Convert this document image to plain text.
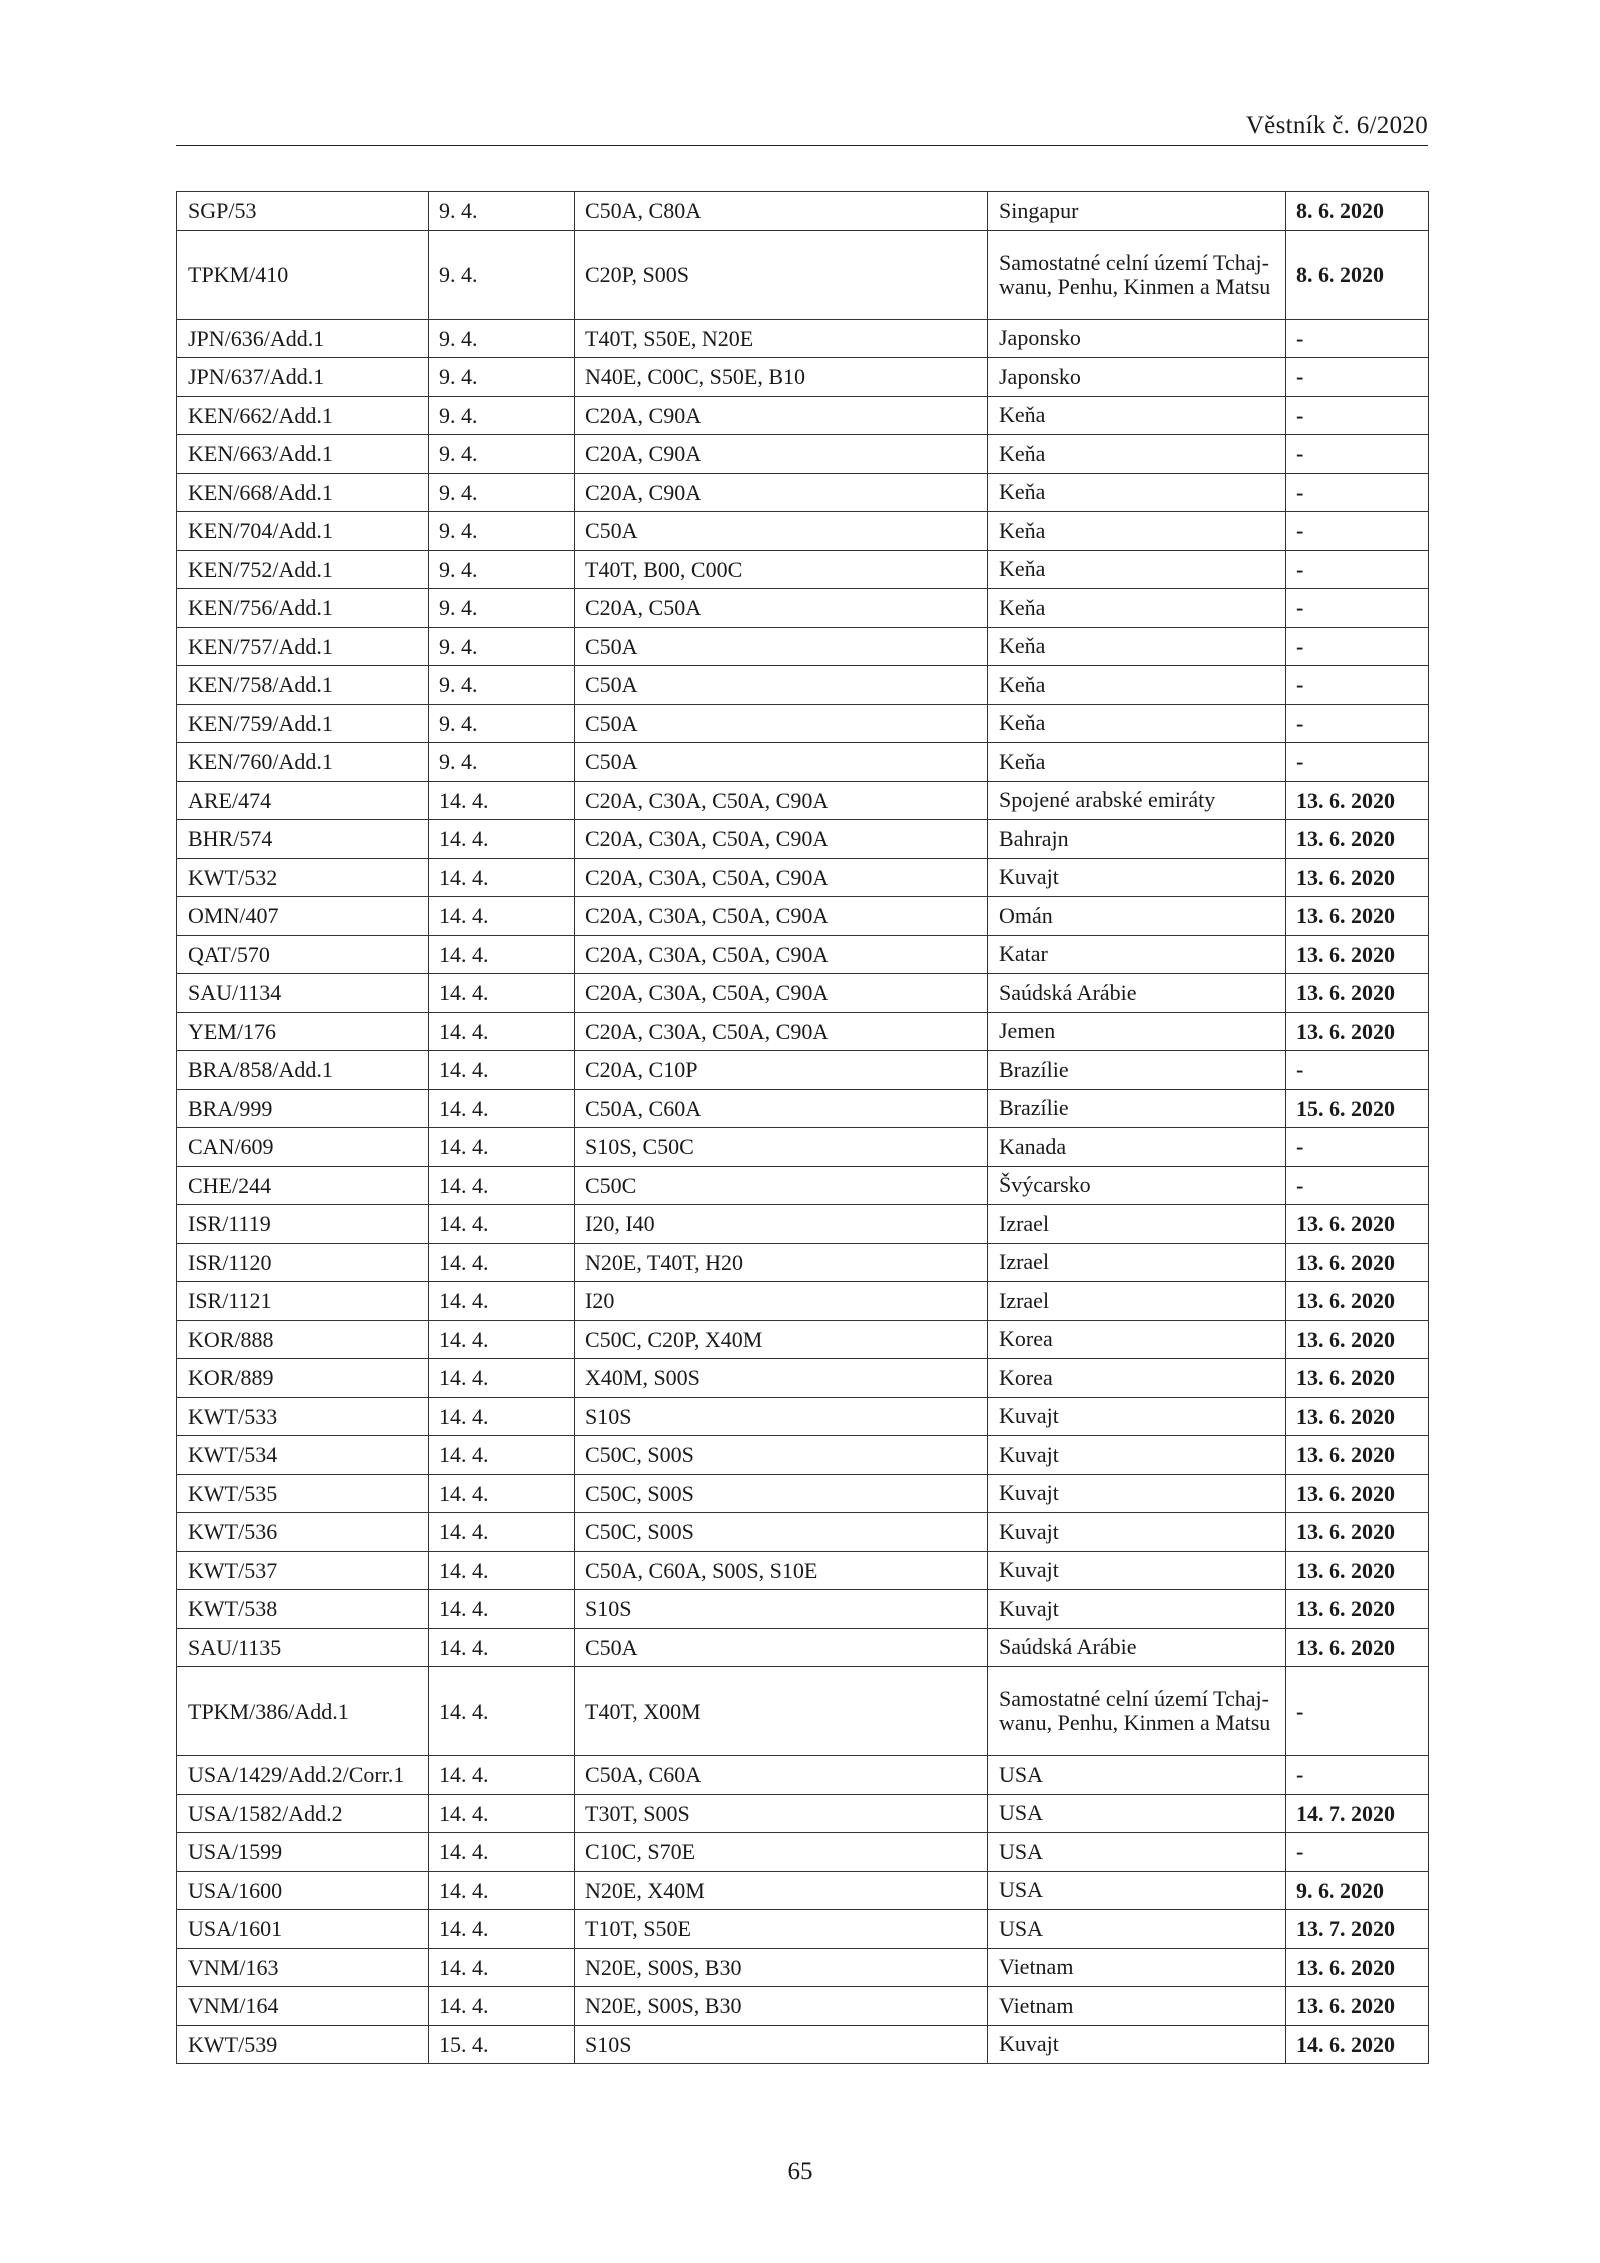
Věstník č. 6/2020
SGP/53	9. 4.	C50A, C80A	Singapur	8. 6. 2020
TPKM/410	9. 4.	C20P, S00S	Samostatné celní území Tchaj-wanu, Penhu, Kinmen a Matsu	8. 6. 2020
JPN/636/Add.1	9. 4.	T40T, S50E, N20E	Japonsko	-
JPN/637/Add.1	9. 4.	N40E, C00C, S50E, B10	Japonsko	-
KEN/662/Add.1	9. 4.	C20A, C90A	Keňa	-
KEN/663/Add.1	9. 4.	C20A, C90A	Keňa	-
KEN/668/Add.1	9. 4.	C20A, C90A	Keňa	-
KEN/704/Add.1	9. 4.	C50A	Keňa	-
KEN/752/Add.1	9. 4.	T40T, B00, C00C	Keňa	-
KEN/756/Add.1	9. 4.	C20A, C50A	Keňa	-
KEN/757/Add.1	9. 4.	C50A	Keňa	-
KEN/758/Add.1	9. 4.	C50A	Keňa	-
KEN/759/Add.1	9. 4.	C50A	Keňa	-
KEN/760/Add.1	9. 4.	C50A	Keňa	-
ARE/474	14. 4.	C20A, C30A, C50A, C90A	Spojené arabské emiráty	13. 6. 2020
BHR/574	14. 4.	C20A, C30A, C50A, C90A	Bahrajn	13. 6. 2020
KWT/532	14. 4.	C20A, C30A, C50A, C90A	Kuvajt	13. 6. 2020
OMN/407	14. 4.	C20A, C30A, C50A, C90A	Omán	13. 6. 2020
QAT/570	14. 4.	C20A, C30A, C50A, C90A	Katar	13. 6. 2020
SAU/1134	14. 4.	C20A, C30A, C50A, C90A	Saúdská Arábie	13. 6. 2020
YEM/176	14. 4.	C20A, C30A, C50A, C90A	Jemen	13. 6. 2020
BRA/858/Add.1	14. 4.	C20A, C10P	Brazílie	-
BRA/999	14. 4.	C50A, C60A	Brazílie	15. 6. 2020
CAN/609	14. 4.	S10S, C50C	Kanada	-
CHE/244	14. 4.	C50C	Švýcarsko	-
ISR/1119	14. 4.	I20, I40	Izrael	13. 6. 2020
ISR/1120	14. 4.	N20E, T40T, H20	Izrael	13. 6. 2020
ISR/1121	14. 4.	I20	Izrael	13. 6. 2020
KOR/888	14. 4.	C50C, C20P, X40M	Korea	13. 6. 2020
KOR/889	14. 4.	X40M, S00S	Korea	13. 6. 2020
KWT/533	14. 4.	S10S	Kuvajt	13. 6. 2020
KWT/534	14. 4.	C50C, S00S	Kuvajt	13. 6. 2020
KWT/535	14. 4.	C50C, S00S	Kuvajt	13. 6. 2020
KWT/536	14. 4.	C50C, S00S	Kuvajt	13. 6. 2020
KWT/537	14. 4.	C50A, C60A, S00S, S10E	Kuvajt	13. 6. 2020
KWT/538	14. 4.	S10S	Kuvajt	13. 6. 2020
SAU/1135	14. 4.	C50A	Saúdská Arábie	13. 6. 2020
TPKM/386/Add.1	14. 4.	T40T, X00M	Samostatné celní území Tchaj-wanu, Penhu, Kinmen a Matsu	-
USA/1429/Add.2/Corr.1	14. 4.	C50A, C60A	USA	-
USA/1582/Add.2	14. 4.	T30T, S00S	USA	14. 7. 2020
USA/1599	14. 4.	C10C, S70E	USA	-
USA/1600	14. 4.	N20E, X40M	USA	9. 6. 2020
USA/1601	14. 4.	T10T, S50E	USA	13. 7. 2020
VNM/163	14. 4.	N20E, S00S, B30	Vietnam	13. 6. 2020
VNM/164	14. 4.	N20E, S00S, B30	Vietnam	13. 6. 2020
KWT/539	15. 4.	S10S	Kuvajt	14. 6. 2020
65
